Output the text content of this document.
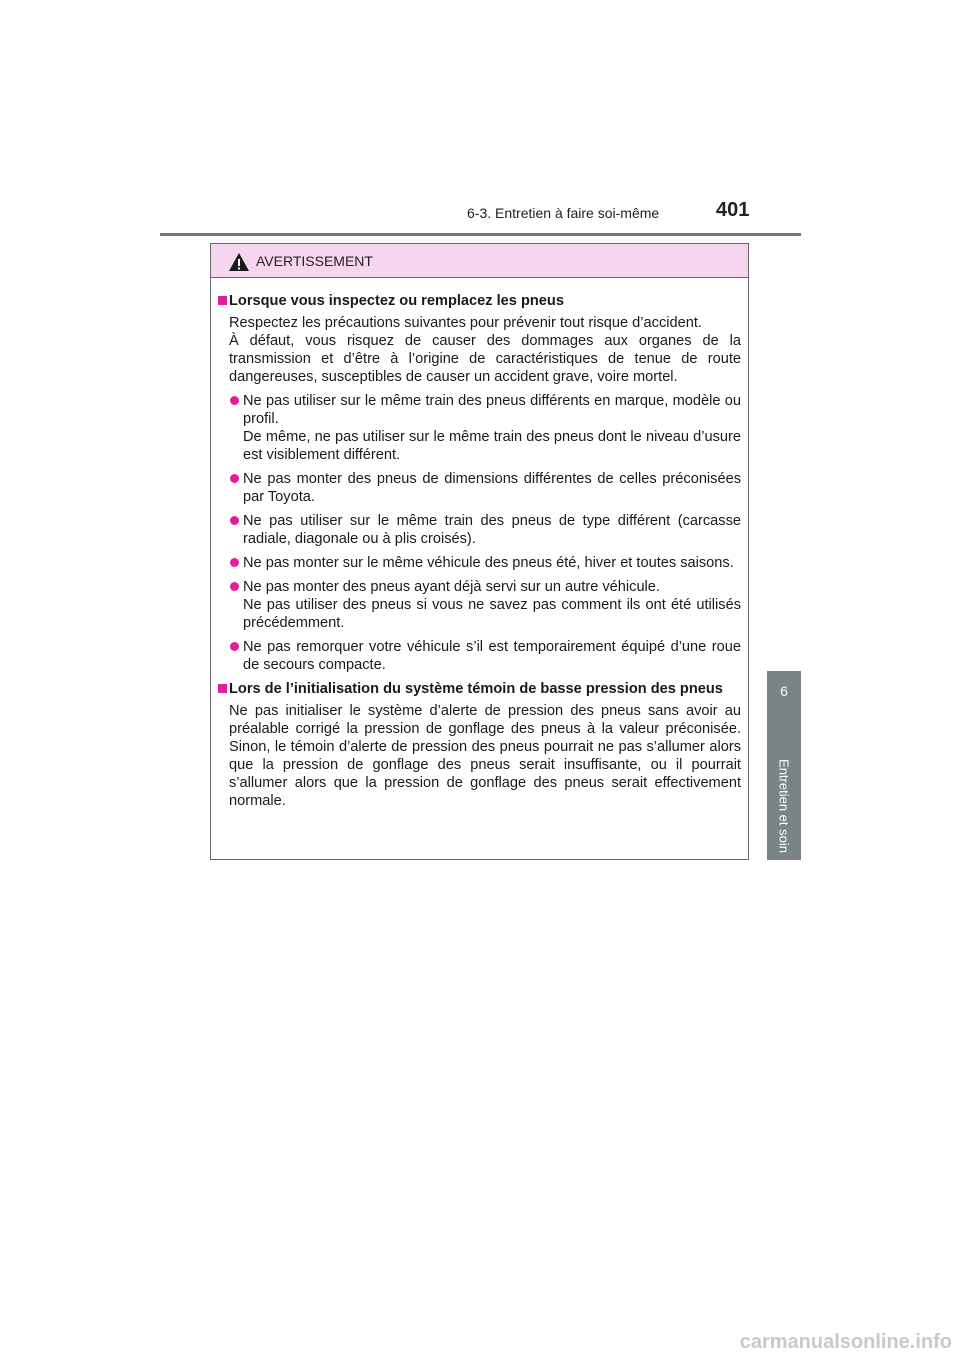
6-3. Entretien à faire soi-même	401
6
Entretien et soin
AVERTISSEMENT
Lorsque vous inspectez ou remplacez les pneus

Respectez les précautions suivantes pour prévenir tout risque d’accident.

À défaut, vous risquez de causer des dommages aux organes de la transmission et d’être à l’origine de caractéristiques de tenue de route dangereuses, susceptibles de causer un accident grave, voire mortel.

Ne pas utiliser sur le même train des pneus différents en marque, modèle ou profil.
De même, ne pas utiliser sur le même train des pneus dont le niveau d’usure est visiblement différent.
Ne pas monter des pneus de dimensions différentes de celles préconisées par Toyota.
Ne pas utiliser sur le même train des pneus de type différent (carcasse radiale, diagonale ou à plis croisés).
Ne pas monter sur le même véhicule des pneus été, hiver et toutes saisons.
Ne pas monter des pneus ayant déjà servi sur un autre véhicule.
Ne pas utiliser des pneus si vous ne savez pas comment ils ont été utilisés précédemment.
Ne pas remorquer votre véhicule s’il est temporairement équipé d’une roue de secours compacte.
Lors de l’initialisation du système témoin de basse pression des pneus

Ne pas initialiser le système d’alerte de pression des pneus sans avoir au préalable corrigé la pression de gonflage des pneus à la valeur préconisée. Sinon, le témoin d’alerte de pression des pneus pourrait ne pas s’allumer alors que la pression de gonflage des pneus serait insuffisante, ou il pourrait s’allumer alors que la pression de gonflage des pneus serait effectivement normale.

carmanualsonline.info
